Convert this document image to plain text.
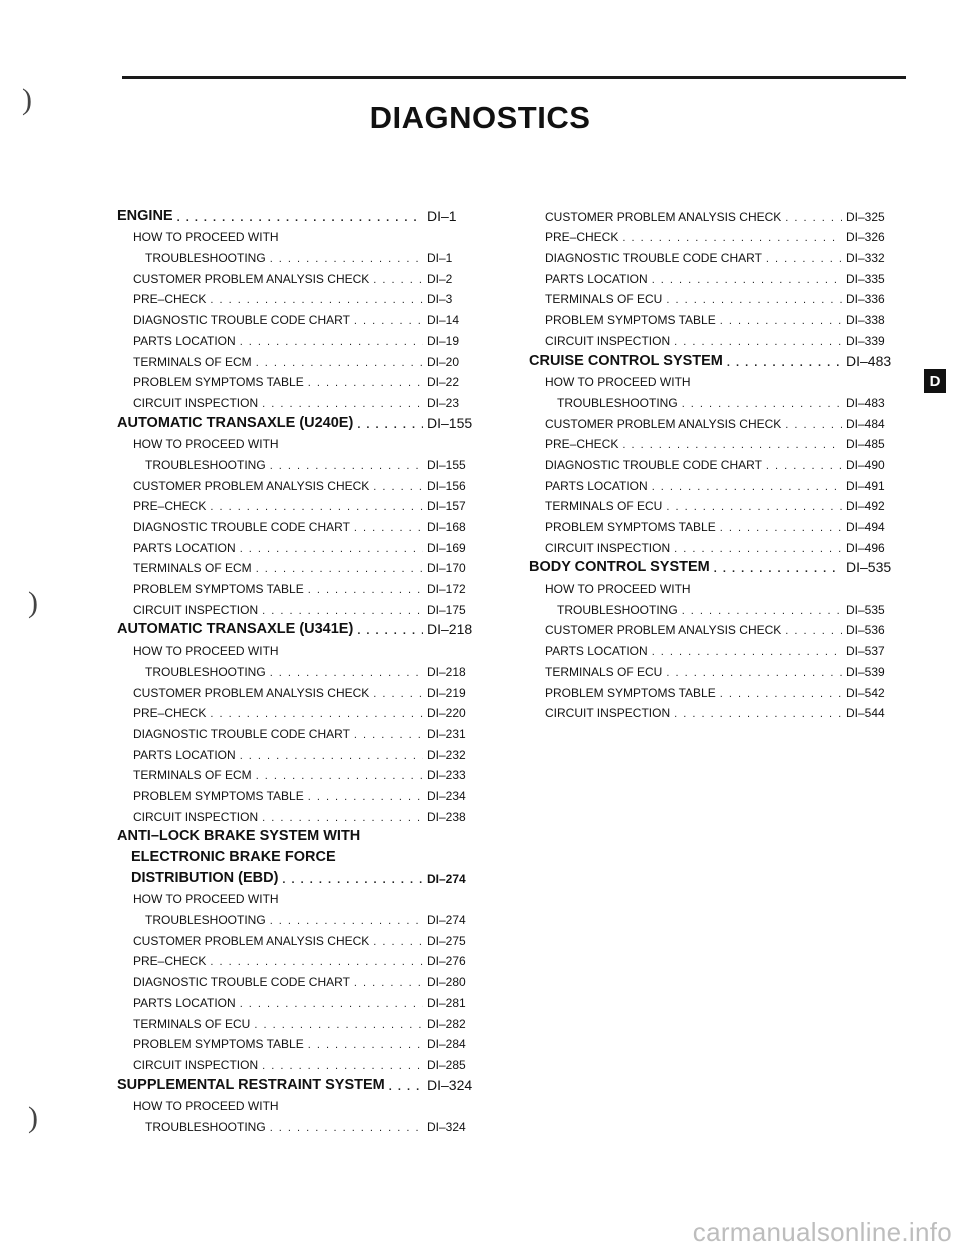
DIAGNOSTICS
ENGINE . . .	DI–1
HOW TO PROCEED WITH
TROUBLESHOOTING . . .	DI–1
CUSTOMER PROBLEM ANALYSIS CHECK . . .	DI–2
PRE–CHECK . . .	DI–3
DIAGNOSTIC TROUBLE CODE CHART . . .	DI–14
PARTS LOCATION . . .	DI–19
TERMINALS OF ECM . . .	DI–20
PROBLEM SYMPTOMS TABLE . . .	DI–22
CIRCUIT INSPECTION . . .	DI–23
AUTOMATIC TRANSAXLE (U240E) . . .	DI–155
HOW TO PROCEED WITH
TROUBLESHOOTING . . .	DI–155
CUSTOMER PROBLEM ANALYSIS CHECK . . .	DI–156
PRE–CHECK . . .	DI–157
DIAGNOSTIC TROUBLE CODE CHART . . .	DI–168
PARTS LOCATION . . .	DI–169
TERMINALS OF ECM . . .	DI–170
PROBLEM SYMPTOMS TABLE . . .	DI–172
CIRCUIT INSPECTION . . .	DI–175
AUTOMATIC TRANSAXLE (U341E) . . .	DI–218
HOW TO PROCEED WITH
TROUBLESHOOTING . . .	DI–218
CUSTOMER PROBLEM ANALYSIS CHECK . . .	DI–219
PRE–CHECK . . .	DI–220
DIAGNOSTIC TROUBLE CODE CHART . . .	DI–231
PARTS LOCATION . . .	DI–232
TERMINALS OF ECM . . .	DI–233
PROBLEM SYMPTOMS TABLE . . .	DI–234
CIRCUIT INSPECTION . . .	DI–238
ANTI–LOCK BRAKE SYSTEM WITH
ELECTRONIC BRAKE FORCE
DISTRIBUTION (EBD) . . .	DI–274
HOW TO PROCEED WITH
TROUBLESHOOTING . . .	DI–274
CUSTOMER PROBLEM ANALYSIS CHECK . . .	DI–275
PRE–CHECK . . .	DI–276
DIAGNOSTIC TROUBLE CODE CHART . . .	DI–280
PARTS LOCATION . . .	DI–281
TERMINALS OF ECU . . .	DI–282
PROBLEM SYMPTOMS TABLE . . .	DI–284
CIRCUIT INSPECTION . . .	DI–285
SUPPLEMENTAL RESTRAINT SYSTEM . . .	DI–324
HOW TO PROCEED WITH
TROUBLESHOOTING . . .	DI–324
CUSTOMER PROBLEM ANALYSIS CHECK . . .	DI–325
PRE–CHECK . . .	DI–326
DIAGNOSTIC TROUBLE CODE CHART . . .	DI–332
PARTS LOCATION . . .	DI–335
TERMINALS OF ECU . . .	DI–336
PROBLEM SYMPTOMS TABLE . . .	DI–338
CIRCUIT INSPECTION . . .	DI–339
CRUISE CONTROL SYSTEM . . .	DI–483
HOW TO PROCEED WITH
TROUBLESHOOTING . . .	DI–483
CUSTOMER PROBLEM ANALYSIS CHECK . . .	DI–484
PRE–CHECK . . .	DI–485
DIAGNOSTIC TROUBLE CODE CHART . . .	DI–490
PARTS LOCATION . . .	DI–491
TERMINALS OF ECU . . .	DI–492
PROBLEM SYMPTOMS TABLE . . .	DI–494
CIRCUIT INSPECTION . . .	DI–496
BODY CONTROL SYSTEM . . .	DI–535
HOW TO PROCEED WITH
TROUBLESHOOTING . . .	DI–535
CUSTOMER PROBLEM ANALYSIS CHECK . . .	DI–536
PARTS LOCATION . . .	DI–537
TERMINALS OF ECU . . .	DI–539
PROBLEM SYMPTOMS TABLE . . .	DI–542
CIRCUIT INSPECTION . . .	DI–544
D
)
)
)
carmanualsonline.info
